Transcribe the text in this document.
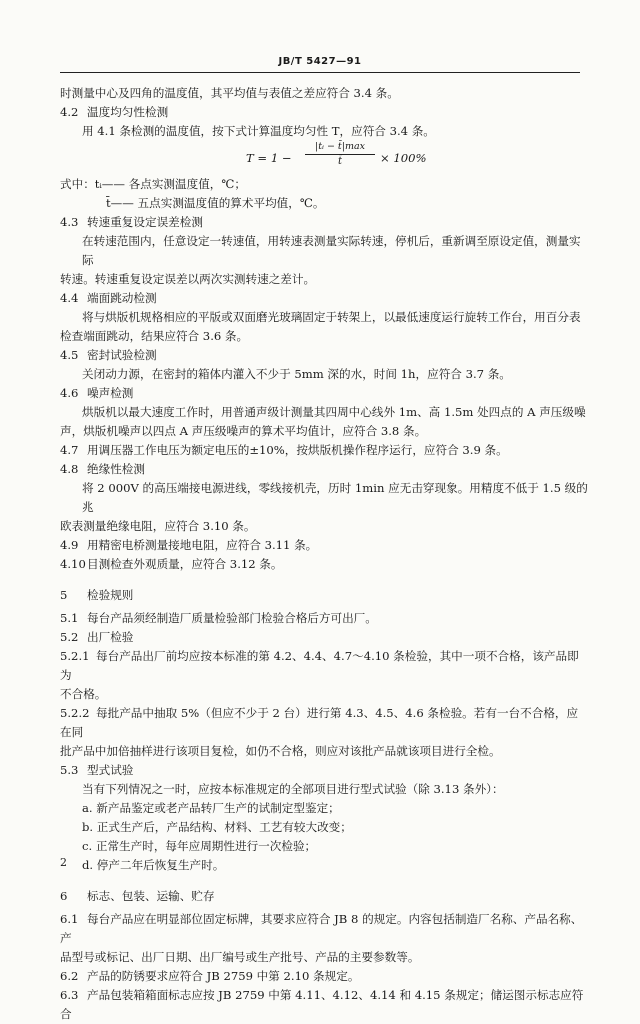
JB/T 5427—91

时测量中心及四角的温度值，其平均值与表值之差应符合 3.4 条。

4.2 温度均匀性检测

用 4.1 条检测的温度值，按下式计算温度均匀性 T，应符合 3.4 条。

T = 1 −
|tᵢ − t̄|max
t̄	× 100%

式中：tᵢ—— 各点实测温度值，℃；

t̄—— 五点实测温度值的算术平均值，℃。

4.3 转速重复设定误差检测

在转速范围内，任意设定一转速值，用转速表测量实际转速，停机后，重新调至原设定值，测量实际

转速。转速重复设定误差以两次实测转速之差计。

4.4 端面跳动检测

将与烘版机规格相应的平版或双面磨光玻璃固定于转架上，以最低速度运行旋转工作台，用百分表

检查端面跳动，结果应符合 3.6 条。

4.5 密封试验检测

关闭动力源，在密封的箱体内灌入不少于 5mm 深的水，时间 1h，应符合 3.7 条。

4.6 噪声检测

烘版机以最大速度工作时，用普通声级计测量其四周中心线外 1m、高 1.5m 处四点的 A 声压级噪

声，烘版机噪声以四点 A 声压级噪声的算术平均值计，应符合 3.8 条。

4.7 用调压器工作电压为额定电压的±10%，按烘版机操作程序运行，应符合 3.9 条。

4.8 绝缘性检测

将 2 000V 的高压端接电源进线，零线接机壳，历时 1min 应无击穿现象。用精度不低于 1.5 级的兆

欧表测量绝缘电阻，应符合 3.10 条。

4.9 用精密电桥测量接地电阻，应符合 3.11 条。

4.10目测检查外观质量，应符合 3.12 条。

5 检验规则

5.1 每台产品须经制造厂质量检验部门检验合格后方可出厂。

5.2 出厂检验

5.2.1 每台产品出厂前均应按本标准的第 4.2、4.4、4.7～4.10 条检验，其中一项不合格，该产品即为

不合格。

5.2.2 每批产品中抽取 5%（但应不少于 2 台）进行第 4.3、4.5、4.6 条检验。若有一台不合格，应在同

批产品中加倍抽样进行该项目复检，如仍不合格，则应对该批产品就该项目进行全检。

5.3 型式试验

当有下列情况之一时，应按本标准规定的全部项目进行型式试验（除 3.13 条外）：

a. 新产品鉴定或老产品转厂生产的试制定型鉴定；

b. 正式生产后，产品结构、材料、工艺有较大改变；

c. 正常生产时，每年应周期性进行一次检验；

d. 停产二年后恢复生产时。

6 标志、包装、运输、贮存

6.1 每台产品应在明显部位固定标牌，其要求应符合 JB 8 的规定。内容包括制造厂名称、产品名称、产

品型号或标记、出厂日期、出厂编号或生产批号、产品的主要参数等。

6.2 产品的防锈要求应符合 JB 2759 中第 2.10 条规定。

6.3 产品包装箱箱面标志应按 JB 2759 中第 4.11、4.12、4.14 和 4.15 条规定；储运图示标志应符合

2
